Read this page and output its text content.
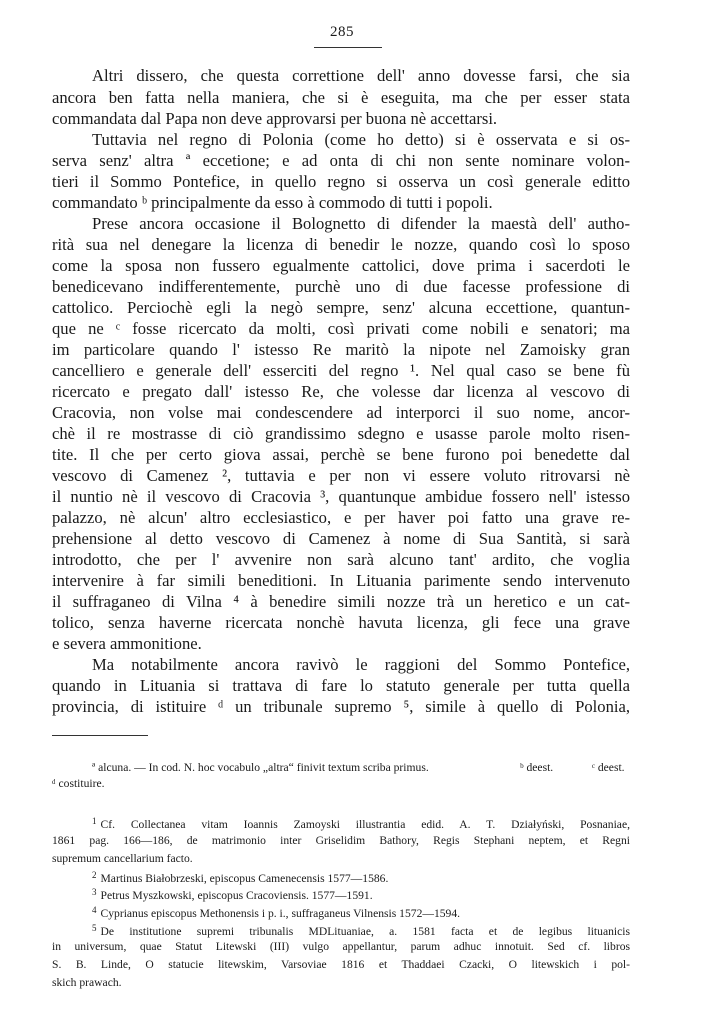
285
Altri dissero, che questa correttione dell' anno dovesse farsi, che sia
ancora ben fatta nella maniera, che si è eseguita, ma che per esser stata
commandata dal Papa non deve approvarsi per buona nè accettarsi.
Tuttavia nel regno di Polonia (come ho detto) si è osservata e si os-
serva senz' altra ª eccetione; e ad onta di chi non sente nominare volon-
tieri il Sommo Pontefice, in quello regno si osserva un così generale editto
commandato ᵇ principalmente da esso à commodo di tutti i popoli.
Prese ancora occasione il Bolognetto di difender la maestà dell' autho-
rità sua nel denegare la licenza di benedir le nozze, quando così lo sposo
come la sposa non fussero egualmente cattolici, dove prima i sacerdoti le
benedicevano indifferentemente, purchè uno di due facesse professione di
cattolico. Perciochè egli la negò sempre, senz' alcuna eccettione, quantun-
que ne ᶜ fosse ricercato da molti, così privati come nobili e senatori; ma
im particolare quando l' istesso Re maritò la nipote nel Zamoisky gran
cancelliero e generale dell' esserciti del regno ¹. Nel qual caso se bene fù
ricercato e pregato dall' istesso Re, che volesse dar licenza al vescovo di
Cracovia, non volse mai condescendere ad interporci il suo nome, ancor-
chè il re mostrasse di ciò grandissimo sdegno e usasse parole molto risen-
tite. Il che per certo giova assai, perchè se bene furono poi benedette dal
vescovo di Camenez ², tuttavia e per non vi essere voluto ritrovarsi nè
il nuntio nè il vescovo di Cracovia ³, quantunque ambidue fossero nell' istesso
palazzo, nè alcun' altro ecclesiastico, e per haver poi fatto una grave re-
prehensione al detto vescovo di Camenez à nome di Sua Santità, si sarà
introdotto, che per l' avvenire non sarà alcuno tant' ardito, che voglia
intervenire à far simili beneditioni. In Lituania parimente sendo intervenuto
il suffraganeo di Vilna ⁴ à benedire simili nozze trà un heretico e un cat-
tolico, senza haverne ricercata nonchè havuta licenza, gli fece una grave
e severa ammonitione.
Ma notabilmente ancora ravivò le raggioni del Sommo Pontefice,
quando in Lituania si trattava di fare lo statuto generale per tutta quella
provincia, di istituire ᵈ un tribunale supremo ⁵, simile à quello di Polonia,
ª alcuna. — In cod. N. hoc vocabulo „altra“ finivit textum scriba primus.	ᵇ deest.	ᶜ deest.
ᵈ costituire.
$^1$ Cf. Collectanea vitam Ioannis Zamoyski illustrantia edid. A. T. Działyński, Posnaniae,
1861 pag. 166—186, de matrimonio inter Griselidim Bathory, Regis Stephani neptem, et Regni
supremum cancellarium facto.
$^2$ Martinus Białobrzeski, episcopus Camenecensis 1577—1586.
$^3$ Petrus Myszkowski, episcopus Cracoviensis. 1577—1591.
$^4$ Cyprianus episcopus Methonensis i p. i., suffraganeus Vilnensis 1572—1594.
$^5$ De institutione supremi tribunalis MDLituaniae, a. 1581 facta et de legibus lituanicis
in universum, quae Statut Litewski (III) vulgo appellantur, parum adhuc innotuit. Sed cf. libros
S. B. Linde, O statucie litewskim, Varsoviae 1816 et Thaddaei Czacki, O litewskich i pol-
skich prawach.
